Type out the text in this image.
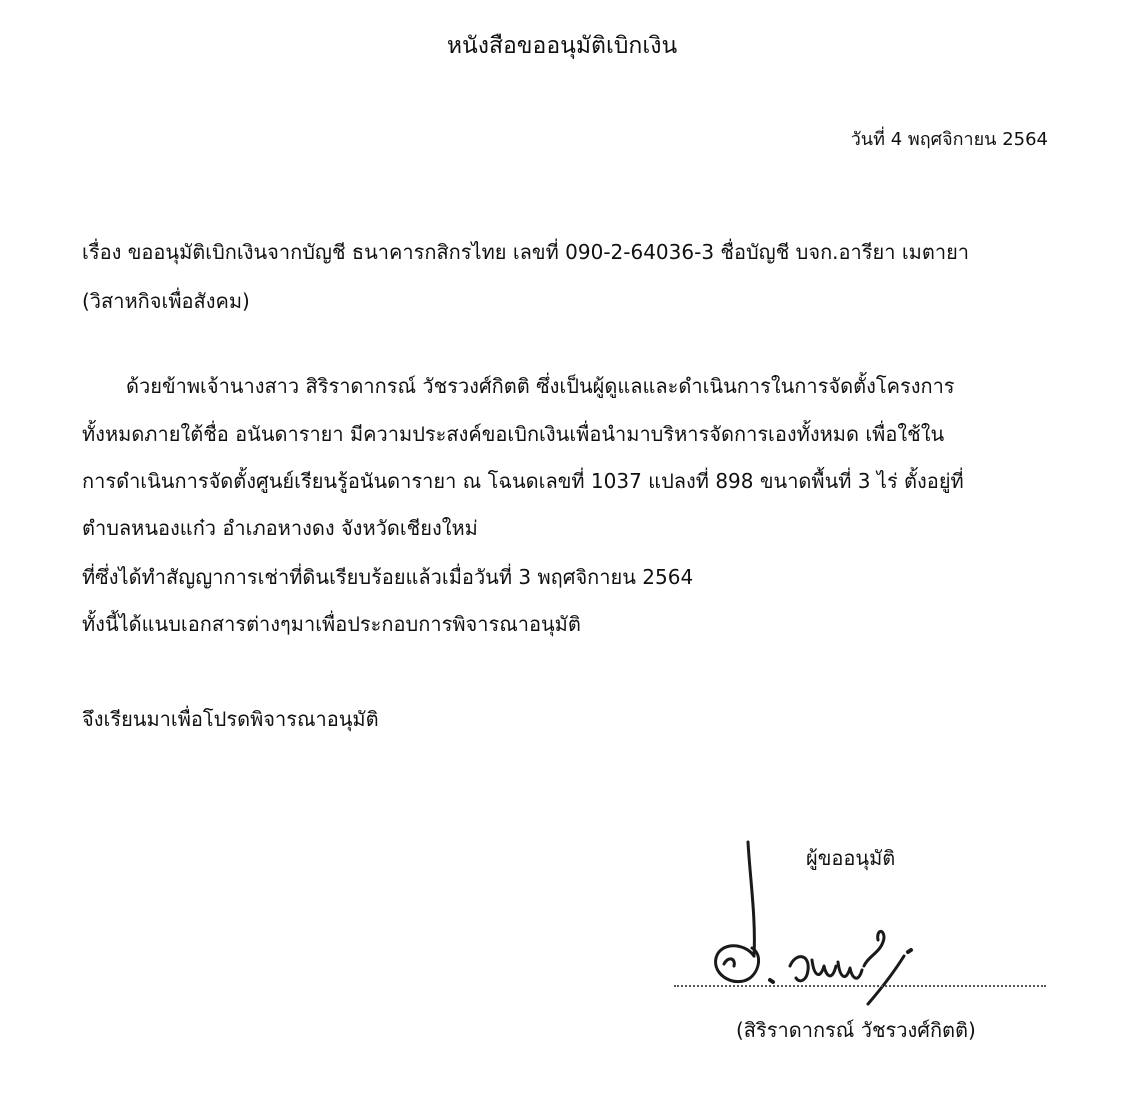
หนังสือขออนุมัติเบิกเงิน
วันที่ 4 พฤศจิกายน 2564
เรื่อง ขออนุมัติเบิกเงินจากบัญชี ธนาคารกสิกรไทย เลขที่ 090-2-64036-3 ชื่อบัญชี บจก.อารียา เมตายา
(วิสาหกิจเพื่อสังคม)
ด้วยข้าพเจ้านางสาว สิริราดากรณ์ วัชรวงศ์กิตติ ซึ่งเป็นผู้ดูแลและดำเนินการในการจัดตั้งโครงการ
ทั้งหมดภายใต้ชื่อ อนันดารายา มีความประสงค์ขอเบิกเงินเพื่อนำมาบริหารจัดการเองทั้งหมด เพื่อใช้ใน
การดำเนินการจัดตั้งศูนย์เรียนรู้อนันดารายา ณ โฉนดเลขที่ 1037 แปลงที่ 898 ขนาดพื้นที่ 3 ไร่ ตั้งอยู่ที่
ตำบลหนองแก๋ว อำเภอหางดง จังหวัดเชียงใหม่
ที่ซึ่งได้ทำสัญญาการเช่าที่ดินเรียบร้อยแล้วเมื่อวันที่ 3 พฤศจิกายน 2564
ทั้งนี้ได้แนบเอกสารต่างๆมาเพื่อประกอบการพิจารณาอนุมัติ
จึงเรียนมาเพื่อโปรดพิจารณาอนุมัติ
ผู้ขออนุมัติ
(สิริราดากรณ์ วัชรวงศ์กิตติ)
